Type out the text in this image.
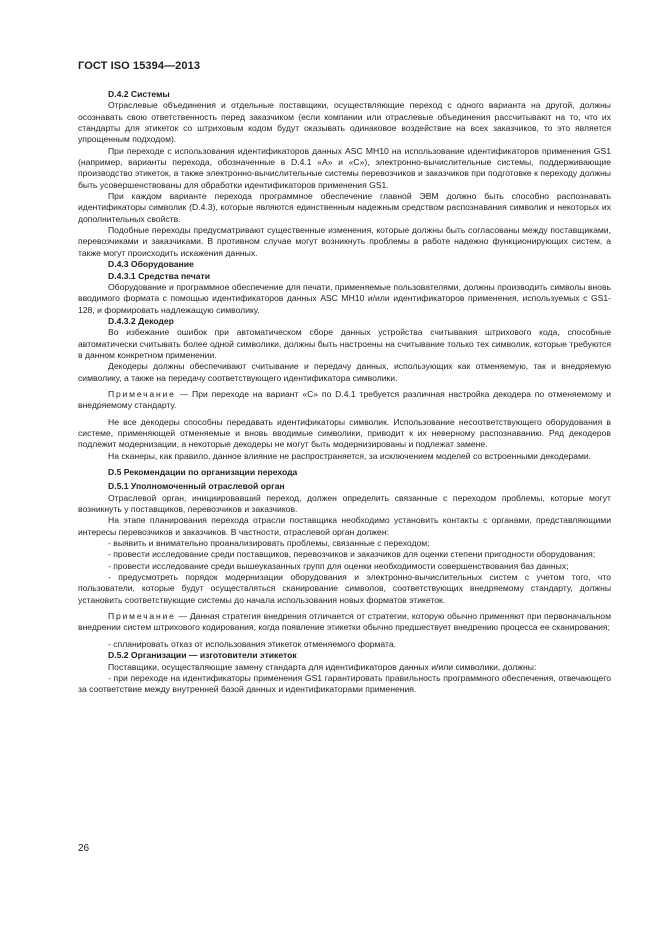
ГОСТ ISO 15394—2013

D.4.2 Системы

Отраслевые объединения и отдельные поставщики, осуществляющие переход с одного варианта на другой, должны осознавать свою ответственность перед заказчиком (если компании или отраслевые объединения рассчитывают на то, что их стандарты для этикеток со штриховым кодом будут оказывать одинаковое воздействие на всех заказчиков, то это является упрощенным подходом).

При переходе с использования идентификаторов данных ASC MH10 на использование идентификаторов применения GS1 (например, варианты перехода, обозначенные в D.4.1 «А» и «С»), электронно-вычислительные системы, поддерживающие производство этикеток, а также электронно-вычислительные системы перевозчиков и заказчиков при подготовке к переходу должны быть усовершенствованы для обработки идентификаторов применения GS1.

При каждом варианте перехода программное обеспечение главной ЭВМ должно быть способно распознавать идентификаторы символик (D.4.3), которые являются единственным надежным средством распознавания символик и некоторых их дополнительных свойств.

Подобные переходы предусматривают существенные изменения, которые должны быть согласованы между поставщиками, перевозчиками и заказчиками. В противном случае могут возникнуть проблемы в работе надежно функционирующих систем, а также могут происходить искажения данных.

D.4.3 Оборудование

D.4.3.1 Средства печати

Оборудование и программное обеспечение для печати, применяемые пользователями, должны производить символы вновь вводимого формата с помощью идентификаторов данных ASC MH10 и/или идентификаторов применения, используемых с GS1-128, и формировать надлежащую символику.

D.4.3.2 Декодер

Во избежание ошибок при автоматическом сборе данных устройства считывания штрихового кода, способные автоматически считывать более одной символики, должны быть настроены на считывание только тех символик, которые требуются в данном конкретном применении.

Декодеры должны обеспечивают считывание и передачу данных, использующих как отменяемую, так и внедряемую символику, а также на передачу соответствующего идентификатора символики.

Примечание — При переходе на вариант «С» по D.4.1 требуется различная настройка декодера по отменяемому и внедряемому стандарту.

Не все декодеры способны передавать идентификаторы символик. Использование несоответствующего оборудования в системе, применяющей отменяемые и вновь вводимые символики, приводит к их неверному распознаванию. Ряд декодеров подлежит модернизации, а некоторые декодеры не могут быть модернизированы и подлежат замене.

На сканеры, как правило, данное влияние не распространяется, за исключением моделей со встроенными декодерами.

D.5 Рекомендации по организации перехода

D.5.1 Уполномоченный отраслевой орган

Отраслевой орган, инициировавший переход, должен определить связанные с переходом проблемы, которые могут возникнуть у поставщиков, перевозчиков и заказчиков.

На этапе планирования перехода отрасли поставщика необходимо установить контакты с органами, представляющими интересы перевозчиков и заказчиков. В частности, отраслевой орган должен:

- выявить и внимательно проанализировать проблемы, связанные с переходом;

- провести исследование среди поставщиков, перевозчиков и заказчиков для оценки степени пригодности оборудования;

- провести исследование среди вышеуказанных групп для оценки необходимости совершенствования баз данных;

- предусмотреть порядок модернизации оборудования и электронно-вычислительных систем с учетом того, что пользователи, которые будут осуществляться сканирование символов, соответствующих внедряемому стандарту, должны установить соответствующие системы до начала использования новых форматов этикеток.

Примечание — Данная стратегия внедрения отличается от стратегии, которую обычно применяют при первоначальном внедрении систем штрихового кодирования, когда появление этикетки обычно предшествует внедрению процесса ее сканирования;

- спланировать отказ от использования этикеток отменяемого формата.

D.5.2 Организации — изготовители этикеток

Поставщики, осуществляющие замену стандарта для идентификаторов данных и/или символики, должны:

- при переходе на идентификаторы применения GS1 гарантировать правильность программного обеспечения, отвечающего за соответствие между внутренней базой данных и идентификаторами применения.

26
